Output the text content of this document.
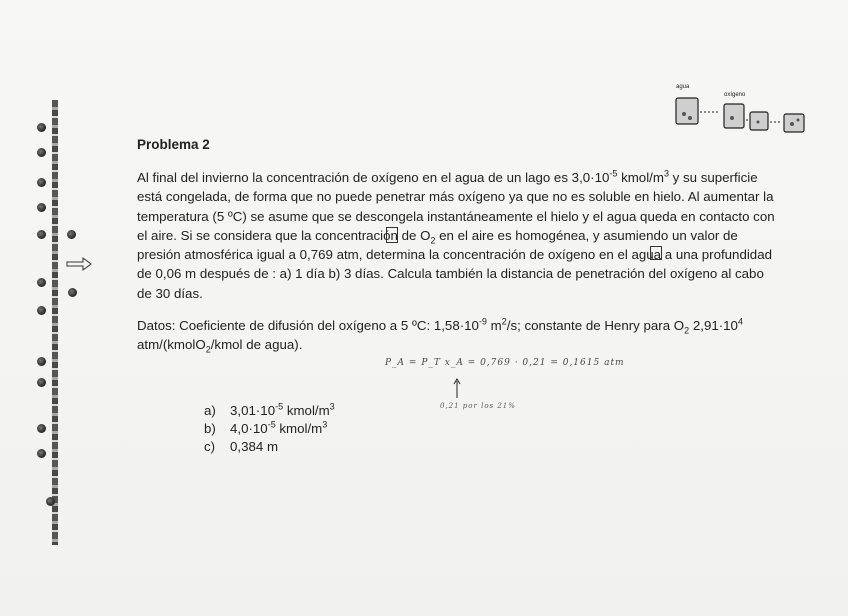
agua
oxígeno
Problema 2

Al final del invierno la concentración de oxígeno en el agua de un lago es $3,0\cdot 10^{-5}$ kmol/$m^3$ y su superficie está congelada, de forma que no puede penetrar más oxígeno ya que no es soluble en hielo. Al aumentar la temperatura (5 ºC) se asume que se descongela instantáneamente el hielo y el agua queda en contacto con el aire. Si se considera que la concentración de $O_2$ en el aire es homogénea, y asumiendo un valor de presión atmosférica igual a 0,769 atm, determina la concentración de oxígeno en el agua a una profundidad de 0,06 m después de : a) 1 día b) 3 días. Calcula también la distancia de penetración del oxígeno al cabo de 30 días.

Datos: Coeficiente de difusión del oxígeno a 5 ºC: $1,58\cdot 10^{-9}$ $m^2/s$; constante de Henry para $O_2$ $2,91\cdot 10^4$ atm/(kmolO$_2$/kmol de agua).

P_A = P_T x_A = 0,769 · 0,21 = 0,1615 atm
0,21 por los 21%
a) $3,01\cdot 10^{-5}$ kmol/$m^3$
b) $4,0\cdot 10^{-5}$ kmol/$m^3$
c) 0,384 m
